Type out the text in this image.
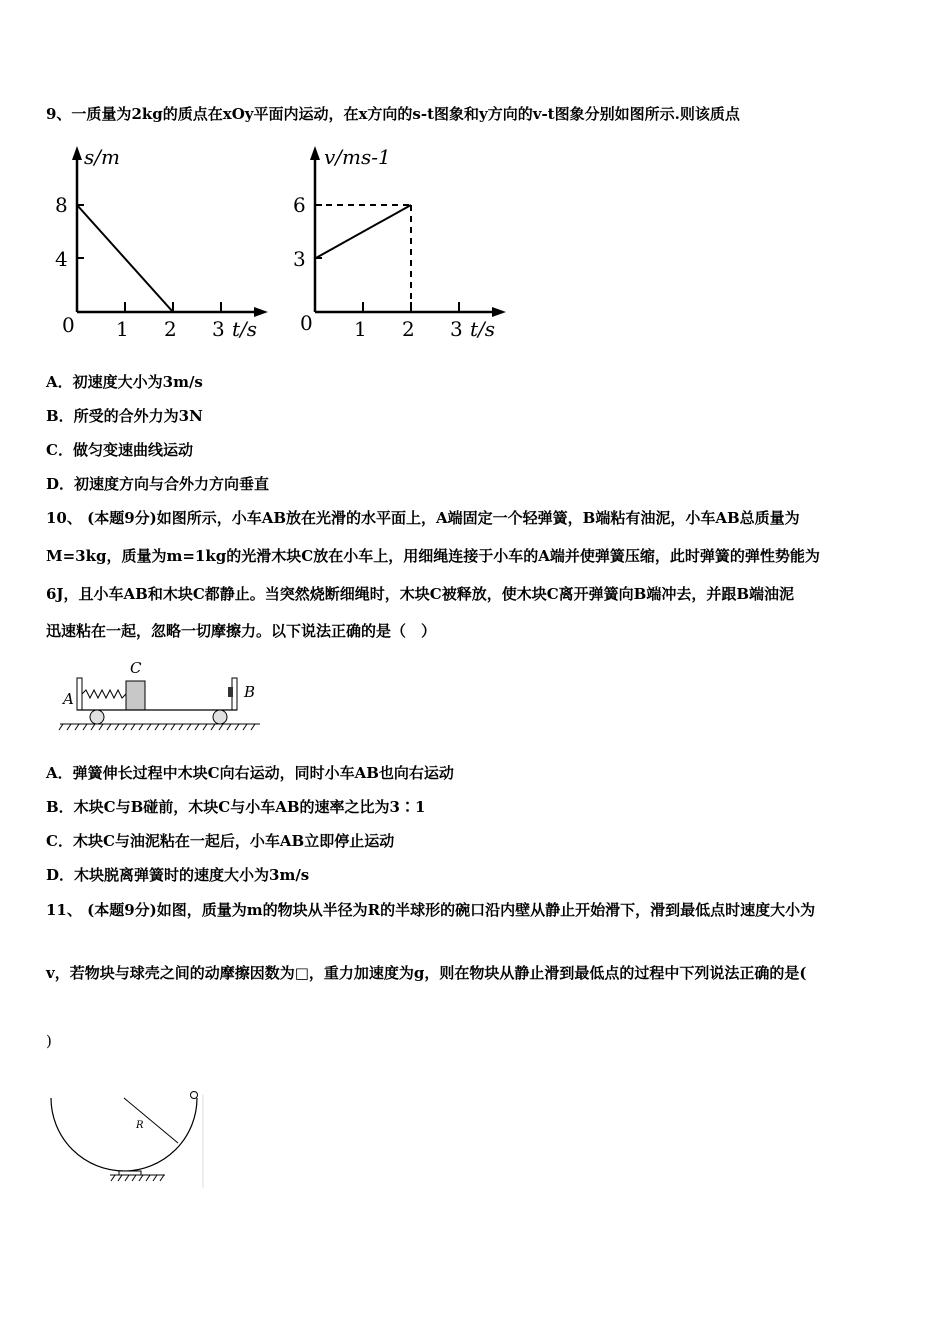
9、一质量为2kg的质点在xOy平面内运动，在x方向的s-t图象和y方向的v-t图象分别如图所示.则该质点
s/m
8
4
0 1 2 3 t/s
v/ms-1
6
3
0 1 2 3 t/s
A．初速度大小为3m/s
B．所受的合外力为3N
C．做匀变速曲线运动
D．初速度方向与合外力方向垂直
10、 (本题9分)如图所示，小车AB放在光滑的水平面上，A端固定一个轻弹簧，B端粘有油泥，小车AB总质量为
M=3kg，质量为m=1kg的光滑木块C放在小车上，用细绳连接于小车的A端并使弹簧压缩，此时弹簧的弹性势能为
6J，且小车AB和木块C都静止。当突然烧断细绳时，木块C被释放，使木块C离开弹簧向B端冲去，并跟B端油泥
迅速粘在一起，忽略一切摩擦力。以下说法正确的是（　）
C
A	B
A．弹簧伸长过程中木块C向右运动，同时小车AB也向右运动
B．木块C与B碰前，木块C与小车AB的速率之比为3∶1
C．木块C与油泥粘在一起后，小车AB立即停止运动
D．木块脱离弹簧时的速度大小为3m/s
11、 (本题9分)如图，质量为m的物块从半径为R的半球形的碗口沿内壁从静止开始滑下，滑到最低点时速度大小为
v，若物块与球壳之间的动摩擦因数为□，重力加速度为g，则在物块从静止滑到最低点的过程中下列说法正确的是(
)
R
